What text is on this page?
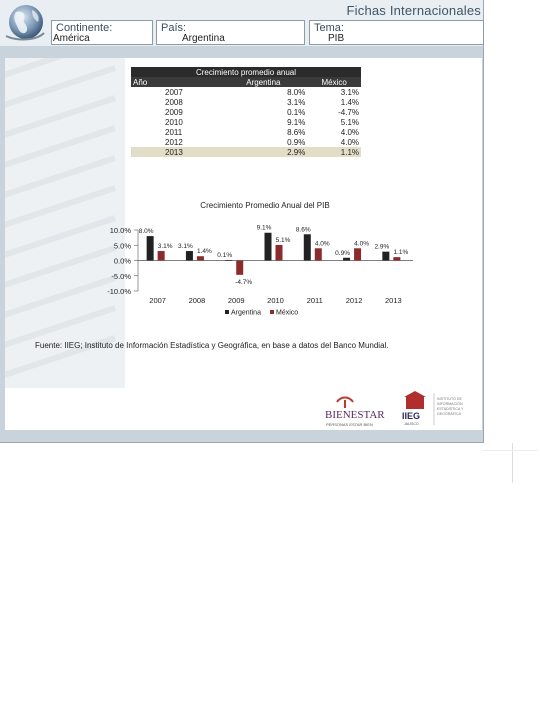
Fichas Internacionales
Continente:
América
País:
Argentina
Tema:
PIB
Crecimiento promedio anual		
Año	Argentina	México
2007	8.0%	3.1%
2008	3.1%	1.4%
2009	0.1%	-4.7%
2010	9.1%	5.1%
2011	8.6%	4.0%
2012	0.9%	4.0%
2013	2.9%	1.1%
Crecimiento Promedio Anual del PIB
10.0%
5.0%
0.0%
-5.0%
-10.0%
2007
8.0%
3.1%
2008
3.1%
1.4%
2009
0.1%
-4.7%
2010
9.1%
5.1%
2011
8.6%
4.0%
2012
0.9%
4.0%
2013
2.9%
1.1%
Argentina México
Fuente: IIEG; Instituto de Información Estadística y Geográfica, en base a datos del Banco Mundial.
BIENESTAR
PERSONAS ESTAR BIEN
IIEG
JALISCO
INSTITUTO DE
INFORMACIÓN
ESTADÍSTICA Y
GEOGRÁFICA
